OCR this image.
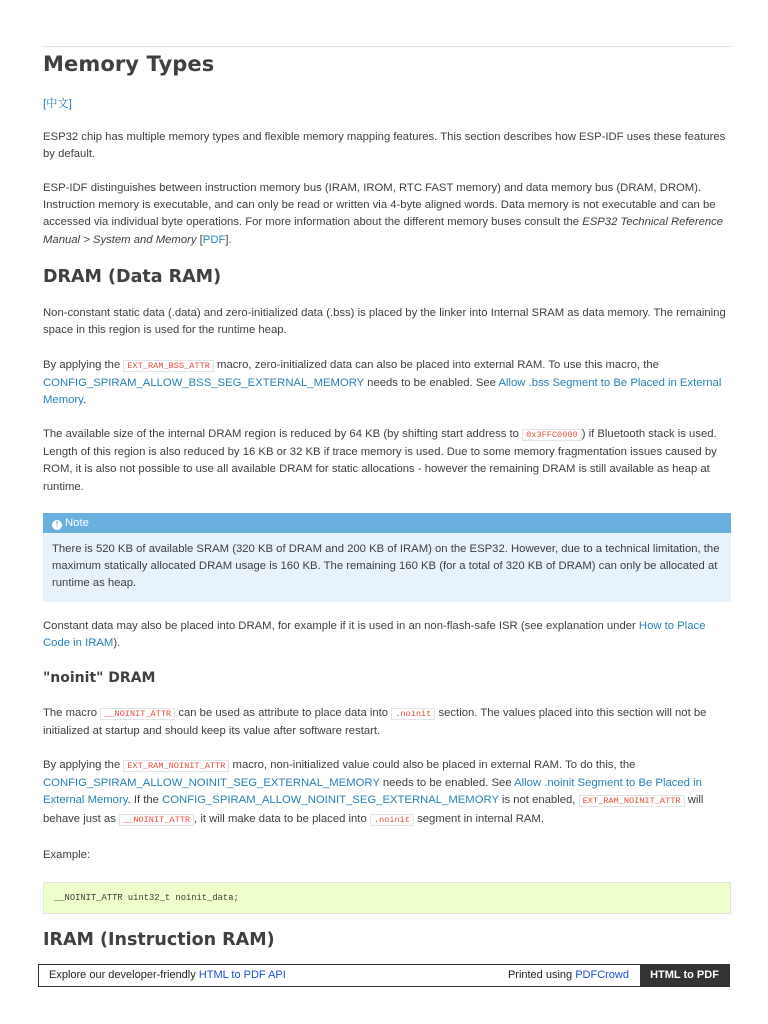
Memory Types

[中文]

ESP32 chip has multiple memory types and flexible memory mapping features. This section describes how ESP-IDF uses these features by default.

ESP-IDF distinguishes between instruction memory bus (IRAM, IROM, RTC FAST memory) and data memory bus (DRAM, DROM). Instruction memory is executable, and can only be read or written via 4-byte aligned words. Data memory is not executable and can be accessed via individual byte operations. For more information about the different memory buses consult the ESP32 Technical Reference Manual > System and Memory [PDF].

DRAM (Data RAM)

Non-constant static data (.data) and zero-initialized data (.bss) is placed by the linker into Internal SRAM as data memory. The remaining space in this region is used for the runtime heap.

By applying the EXT_RAM_BSS_ATTR macro, zero-initialized data can also be placed into external RAM. To use this macro, the CONFIG_SPIRAM_ALLOW_BSS_SEG_EXTERNAL_MEMORY needs to be enabled. See Allow .bss Segment to Be Placed in External Memory.

The available size of the internal DRAM region is reduced by 64 KB (by shifting start address to 0x3FFC0000 ) if Bluetooth stack is used. Length of this region is also reduced by 16 KB or 32 KB if trace memory is used. Due to some memory fragmentation issues caused by ROM, it is also not possible to use all available DRAM for static allocations - however the remaining DRAM is still available as heap at runtime.

! Note
There is 520 KB of available SRAM (320 KB of DRAM and 200 KB of IRAM) on the ESP32. However, due to a technical limitation, the maximum statically allocated DRAM usage is 160 KB. The remaining 160 KB (for a total of 320 KB of DRAM) can only be allocated at runtime as heap.

Constant data may also be placed into DRAM, for example if it is used in an non-flash-safe ISR (see explanation under How to Place Code in IRAM).

"noinit" DRAM

The macro __NOINIT_ATTR can be used as attribute to place data into .noinit section. The values placed into this section will not be initialized at startup and should keep its value after software restart.

By applying the EXT_RAM_NOINIT_ATTR macro, non-initialized value could also be placed in external RAM. To do this, the CONFIG_SPIRAM_ALLOW_NOINIT_SEG_EXTERNAL_MEMORY needs to be enabled. See Allow .noinit Segment to Be Placed in External Memory. If the CONFIG_SPIRAM_ALLOW_NOINIT_SEG_EXTERNAL_MEMORY is not enabled, EXT_RAM_NOINIT_ATTR will behave just as __NOINIT_ATTR , it will make data to be placed into .noinit segment in internal RAM.

Example:

__NOINIT_ATTR uint32_t noinit_data;
IRAM (Instruction RAM)
Explore our developer-friendly HTML to PDF API	Printed using PDFCrowd	HTML to PDF
